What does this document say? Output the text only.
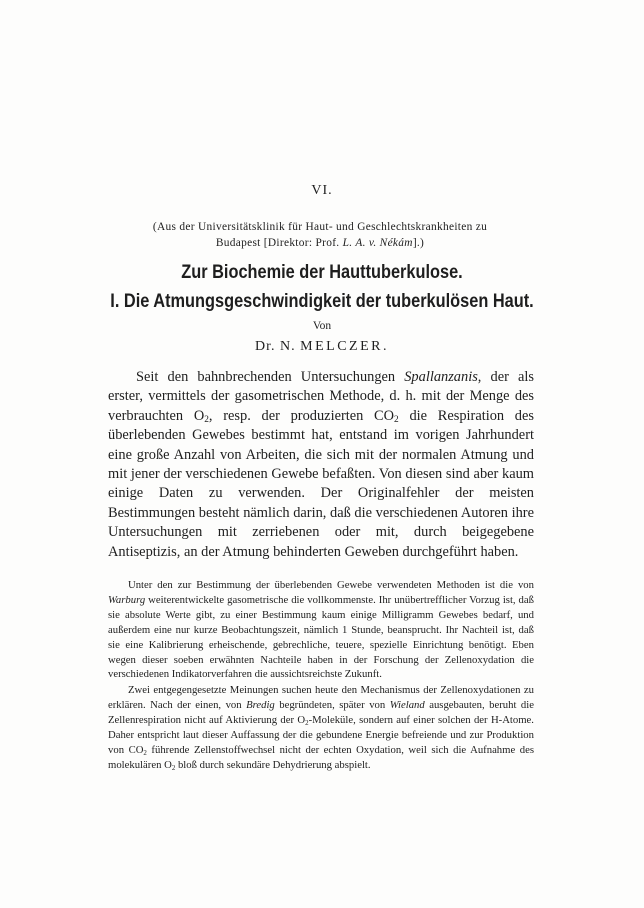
VI.
(Aus der Universitätsklinik für Haut- und Geschlechtskrankheiten zu
Budapest [Direktor: Prof. L. A. v. Nékám].)
Zur Biochemie der Hauttuberkulose.
I. Die Atmungsgeschwindigkeit der tuberkulösen Haut.
Von
Dr. N. MELCZER.

Seit den bahnbrechenden Untersuchungen Spallanzanis, der als erster, vermittels der gasometrischen Methode, d. h. mit der Menge des verbrauchten $O_2$, resp. der produzierten $CO_2$ die Respiration des überlebenden Gewebes bestimmt hat, entstand im vorigen Jahrhundert eine große Anzahl von Arbeiten, die sich mit der normalen Atmung und mit jener der verschiedenen Gewebe befaßten. Von diesen sind aber kaum einige Daten zu verwenden. Der Originalfehler der meisten Bestimmungen besteht nämlich darin, daß die verschiedenen Autoren ihre Untersuchungen mit zerriebenen oder mit, durch beigegebene Antiseptizis, an der Atmung behinderten Geweben durchgeführt haben.

Unter den zur Bestimmung der überlebenden Gewebe verwendeten Methoden ist die von Warburg weiterentwickelte gasometrische die vollkommenste. Ihr unübertrefflicher Vorzug ist, daß sie absolute Werte gibt, zu einer Bestimmung kaum einige Milligramm Gewebes bedarf, und außerdem eine nur kurze Beobachtungszeit, nämlich 1 Stunde, beansprucht. Ihr Nachteil ist, daß sie eine Kalibrierung erheischende, gebrechliche, teuere, spezielle Einrichtung benötigt. Eben wegen dieser soeben erwähnten Nachteile haben in der Forschung der Zellenoxydation die verschiedenen Indikatorverfahren die aussichtsreichste Zukunft.

Zwei entgegengesetzte Meinungen suchen heute den Mechanismus der Zellenoxydationen zu erklären. Nach der einen, von Bredig begründeten, später von Wieland ausgebauten, beruht die Zellenrespiration nicht auf Aktivierung der $O_2$-Moleküle, sondern auf einer solchen der H-Atome. Daher entspricht laut dieser Auffassung der die gebundene Energie befreiende und zur Produktion von $CO_2$ führende Zellenstoffwechsel nicht der echten Oxydation, weil sich die Aufnahme des molekulären $O_2$ bloß durch sekundäre Dehydrierung abspielt.
